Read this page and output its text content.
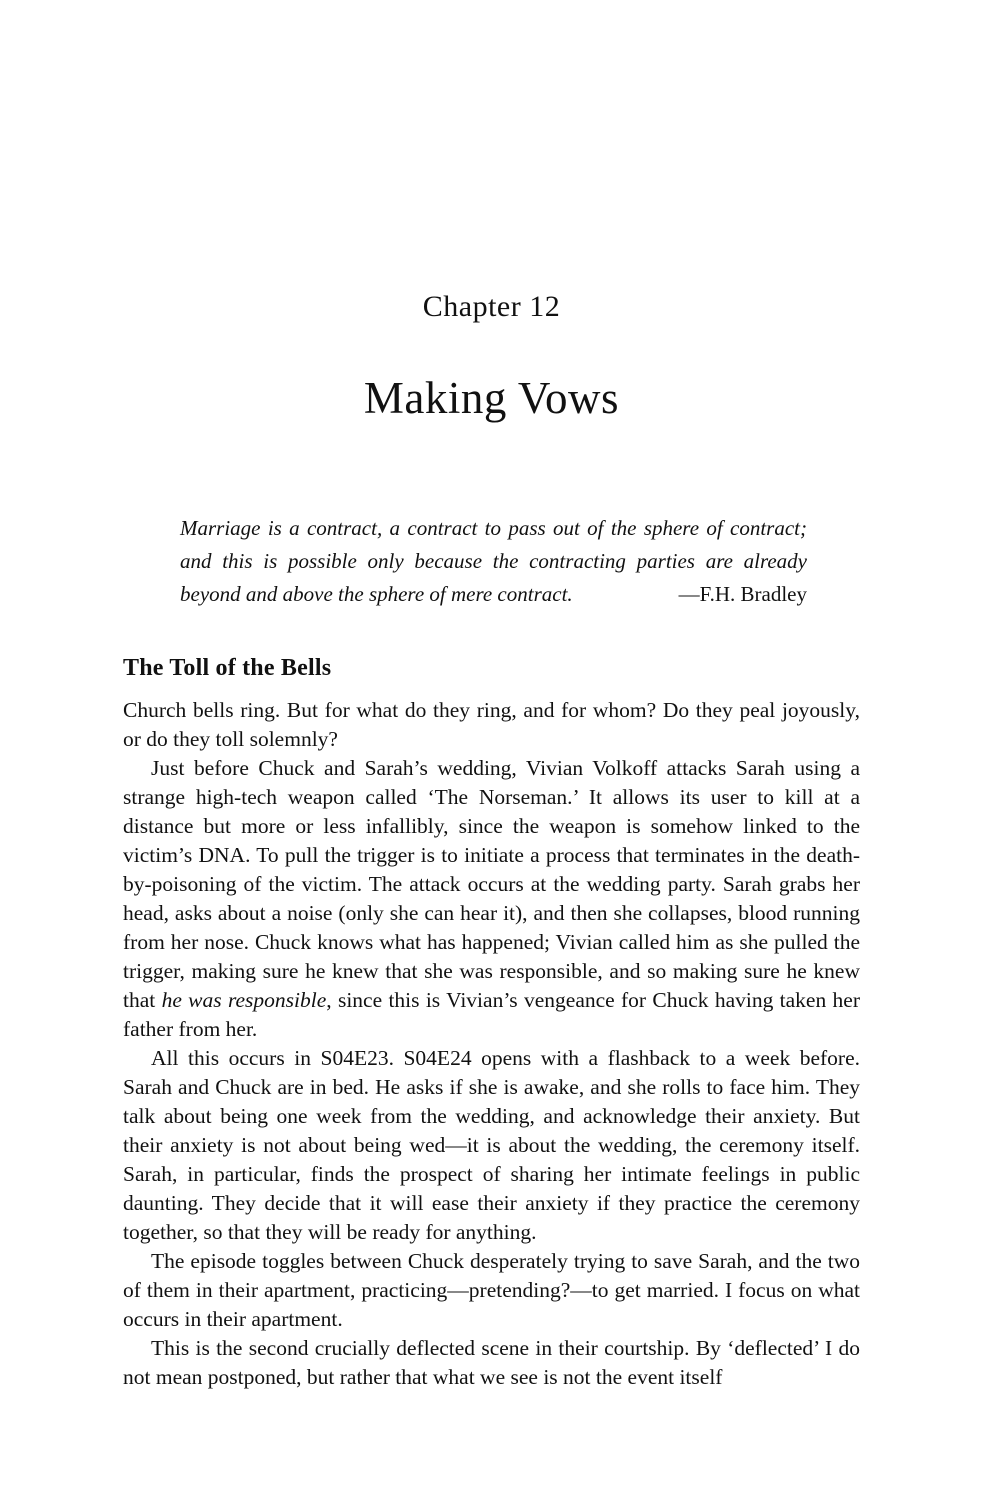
Chapter 12
Making Vows
Marriage is a contract, a contract to pass out of the sphere of contract; and this is possible only because the contracting parties are already beyond and above the sphere of mere contract.	—F.H. Bradley
The Toll of the Bells

Church bells ring. But for what do they ring, and for whom? Do they peal joyously, or do they toll solemnly?

Just before Chuck and Sarah’s wedding, Vivian Volkoff attacks Sarah using a strange high-tech weapon called ‘The Norseman.’ It allows its user to kill at a distance but more or less infallibly, since the weapon is somehow linked to the victim’s DNA. To pull the trigger is to initiate a process that terminates in the death-by-poisoning of the victim. The attack occurs at the wedding party. Sarah grabs her head, asks about a noise (only she can hear it), and then she collapses, blood running from her nose. Chuck knows what has happened; Vivian called him as she pulled the trigger, making sure he knew that she was responsible, and so making sure he knew that he was responsible, since this is Vivian’s vengeance for Chuck having taken her father from her.

All this occurs in S04E23. S04E24 opens with a flashback to a week before. Sarah and Chuck are in bed. He asks if she is awake, and she rolls to face him. They talk about being one week from the wedding, and acknowledge their anxiety. But their anxiety is not about being wed—it is about the wedding, the ceremony itself. Sarah, in particular, finds the prospect of sharing her intimate feelings in public daunting. They decide that it will ease their anxiety if they practice the ceremony together, so that they will be ready for anything.

The episode toggles between Chuck desperately trying to save Sarah, and the two of them in their apartment, practicing—pretending?—to get married. I focus on what occurs in their apartment.

This is the second crucially deflected scene in their courtship. By ‘deflected’ I do not mean postponed, but rather that what we see is not the event itself
